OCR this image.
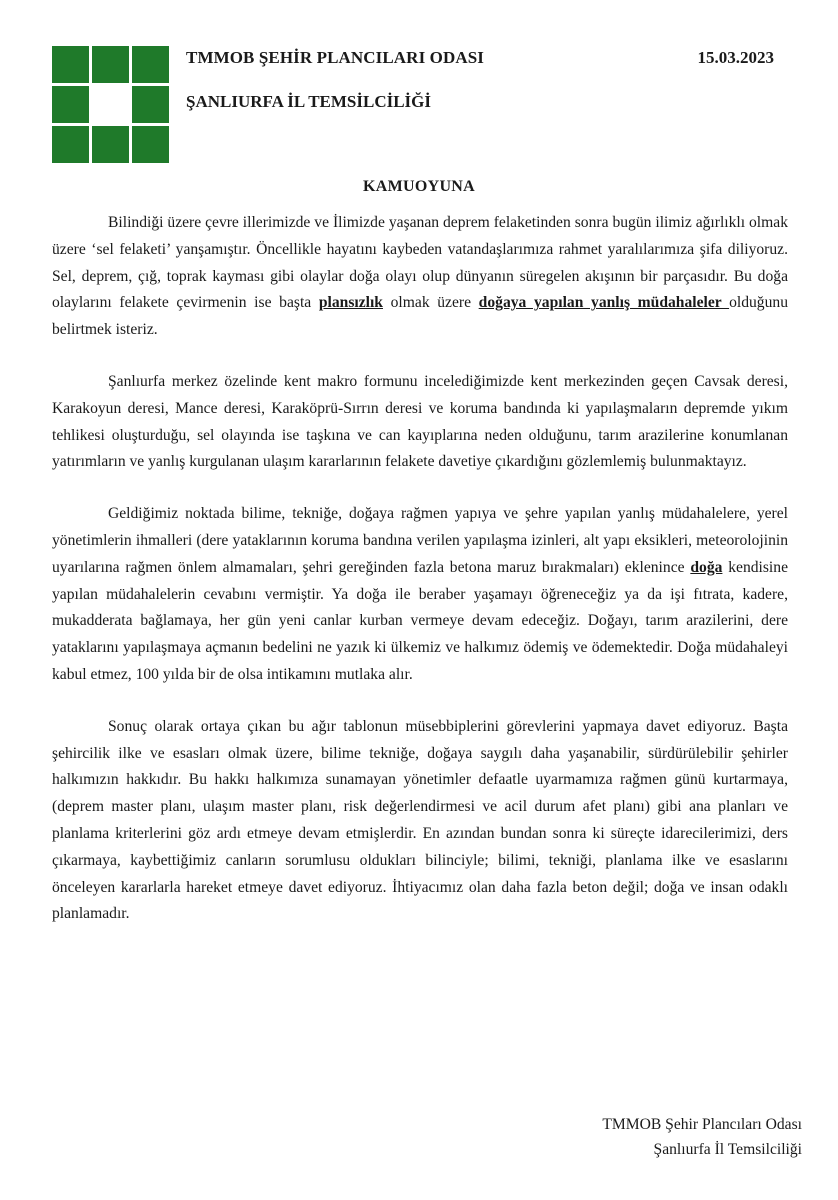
TMMOB ŞEHİR PLANCILARI ODASI
ŞANLIURFA İL TEMSİLCİLİĞİ
15.03.2023
KAMUOYUNA

Bilindiği üzere çevre illerimizde ve İlimizde yaşanan deprem felaketinden sonra bugün ilimiz ağırlıklı olmak üzere ‘sel felaketi’ yanşamıştır. Öncellikle hayatını kaybeden vatandaşlarımıza rahmet yaralılarımıza şifa diliyoruz. Sel, deprem, çığ, toprak kayması gibi olaylar doğa olayı olup dünyanın süregelen akışının bir parçasıdır. Bu doğa olaylarını felakete çevirmenin ise başta plansızlık olmak üzere doğaya yapılan yanlış müdahaleler olduğunu belirtmek isteriz.

Şanlıurfa merkez özelinde kent makro formunu incelediğimizde kent merkezinden geçen Cavsak deresi, Karakoyun deresi, Mance deresi, Karaköprü-Sırrın deresi ve koruma bandında ki yapılaşmaların depremde yıkım tehlikesi oluşturduğu, sel olayında ise taşkına ve can kayıplarına neden olduğunu, tarım arazilerine konumlanan yatırımların ve yanlış kurgulanan ulaşım kararlarının felakete davetiye çıkardığını gözlemlemiş bulunmaktayız.

Geldiğimiz noktada bilime, tekniğe, doğaya rağmen yapıya ve şehre yapılan yanlış müdahalelere, yerel yönetimlerin ihmalleri (dere yataklarının koruma bandına verilen yapılaşma izinleri, alt yapı eksikleri, meteorolojinin uyarılarına rağmen önlem almamaları, şehri gereğinden fazla betona maruz bırakmaları) eklenince doğa kendisine yapılan müdahalelerin cevabını vermiştir. Ya doğa ile beraber yaşamayı öğreneceğiz ya da işi fıtrata, kadere, mukadderata bağlamaya, her gün yeni canlar kurban vermeye devam edeceğiz. Doğayı, tarım arazilerini, dere yataklarını yapılaşmaya açmanın bedelini ne yazık ki ülkemiz ve halkımız ödemiş ve ödemektedir. Doğa müdahaleyi kabul etmez, 100 yılda bir de olsa intikamını mutlaka alır.

Sonuç olarak ortaya çıkan bu ağır tablonun müsebbiplerini görevlerini yapmaya davet ediyoruz. Başta şehircilik ilke ve esasları olmak üzere, bilime tekniğe, doğaya saygılı daha yaşanabilir, sürdürülebilir şehirler halkımızın hakkıdır. Bu hakkı halkımıza sunamayan yönetimler defaatle uyarmamıza rağmen günü kurtarmaya, (deprem master planı, ulaşım master planı, risk değerlendirmesi ve acil durum afet planı) gibi ana planları ve planlama kriterlerini göz ardı etmeye devam etmişlerdir. En azından bundan sonra ki süreçte idarecilerimizi, ders çıkarmaya, kaybettiğimiz canların sorumlusu oldukları bilinciyle; bilimi, tekniği, planlama ilke ve esaslarını önceleyen kararlarla hareket etmeye davet ediyoruz. İhtiyacımız olan daha fazla beton değil; doğa ve insan odaklı planlamadır.

TMMOB Şehir Plancıları Odası
Şanlıurfa İl Temsilciliği
